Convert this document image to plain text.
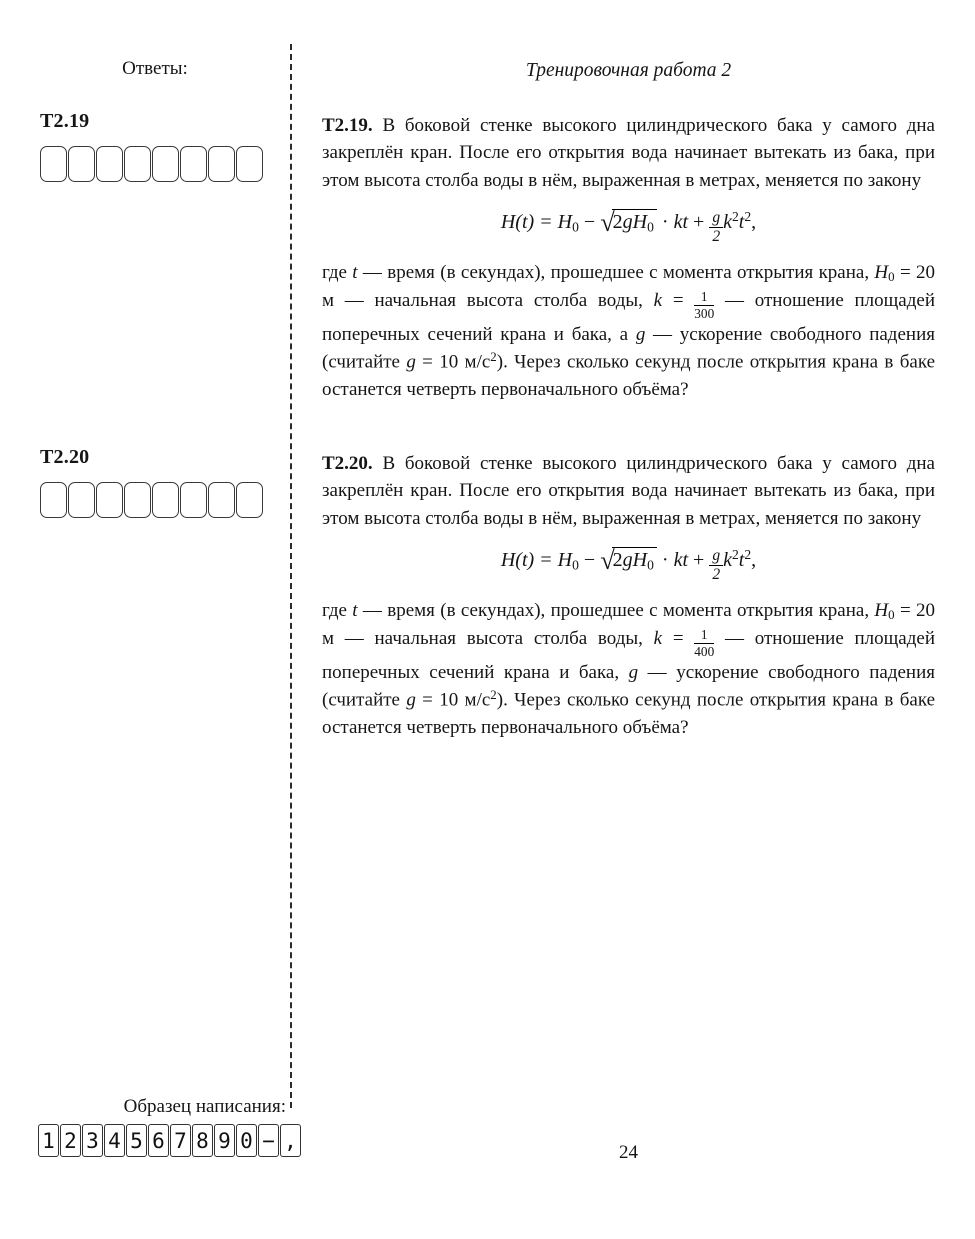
Ответы:
Т2.19
Т2.20
Тренировочная работа 2

Т2.19. В боковой стенке высокого цилиндрического бака у самого дна закреплён кран. После его открытия вода начинает вытекать из бака, при этом высота столба воды в нём, выраженная в метрах, меняется по закону

$H(t) = H_0 - √2gH_0$ · kt + $\frac{g}{2} k^2t^2$,

где t — время (в секундах), прошедшее с момента открытия крана, $H_0 = 20$ м — начальная высота столба воды, $k = \frac{1}{300}$ — отношение площадей поперечных сечений крана и бака, а g — ускорение свободного падения (считайте g = 10 $м/с^2$). Через сколько секунд после открытия крана в баке останется четверть первоначального объёма?

Т2.20. В боковой стенке высокого цилиндрического бака у самого дна закреплён кран. После его открытия вода начинает вытекать из бака, при этом высота столба воды в нём, выраженная в метрах, меняется по закону

$H(t) = H_0 - √2gH_0$ · kt + $\frac{g}{2} k^2t^2$,

где t — время (в секундах), прошедшее с момента открытия крана, $H_0 = 20$ м — начальная высота столба воды, $k = \frac{1}{400}$ — отношение площадей поперечных сечений крана и бака, g — ускорение свободного падения (считайте g = 10 $м/с^2$). Через сколько секунд после открытия крана в баке останется четверть первоначального объёма?

Образец написания:
1 2 3 4 5 6 7 8 9 0 − ,	24
